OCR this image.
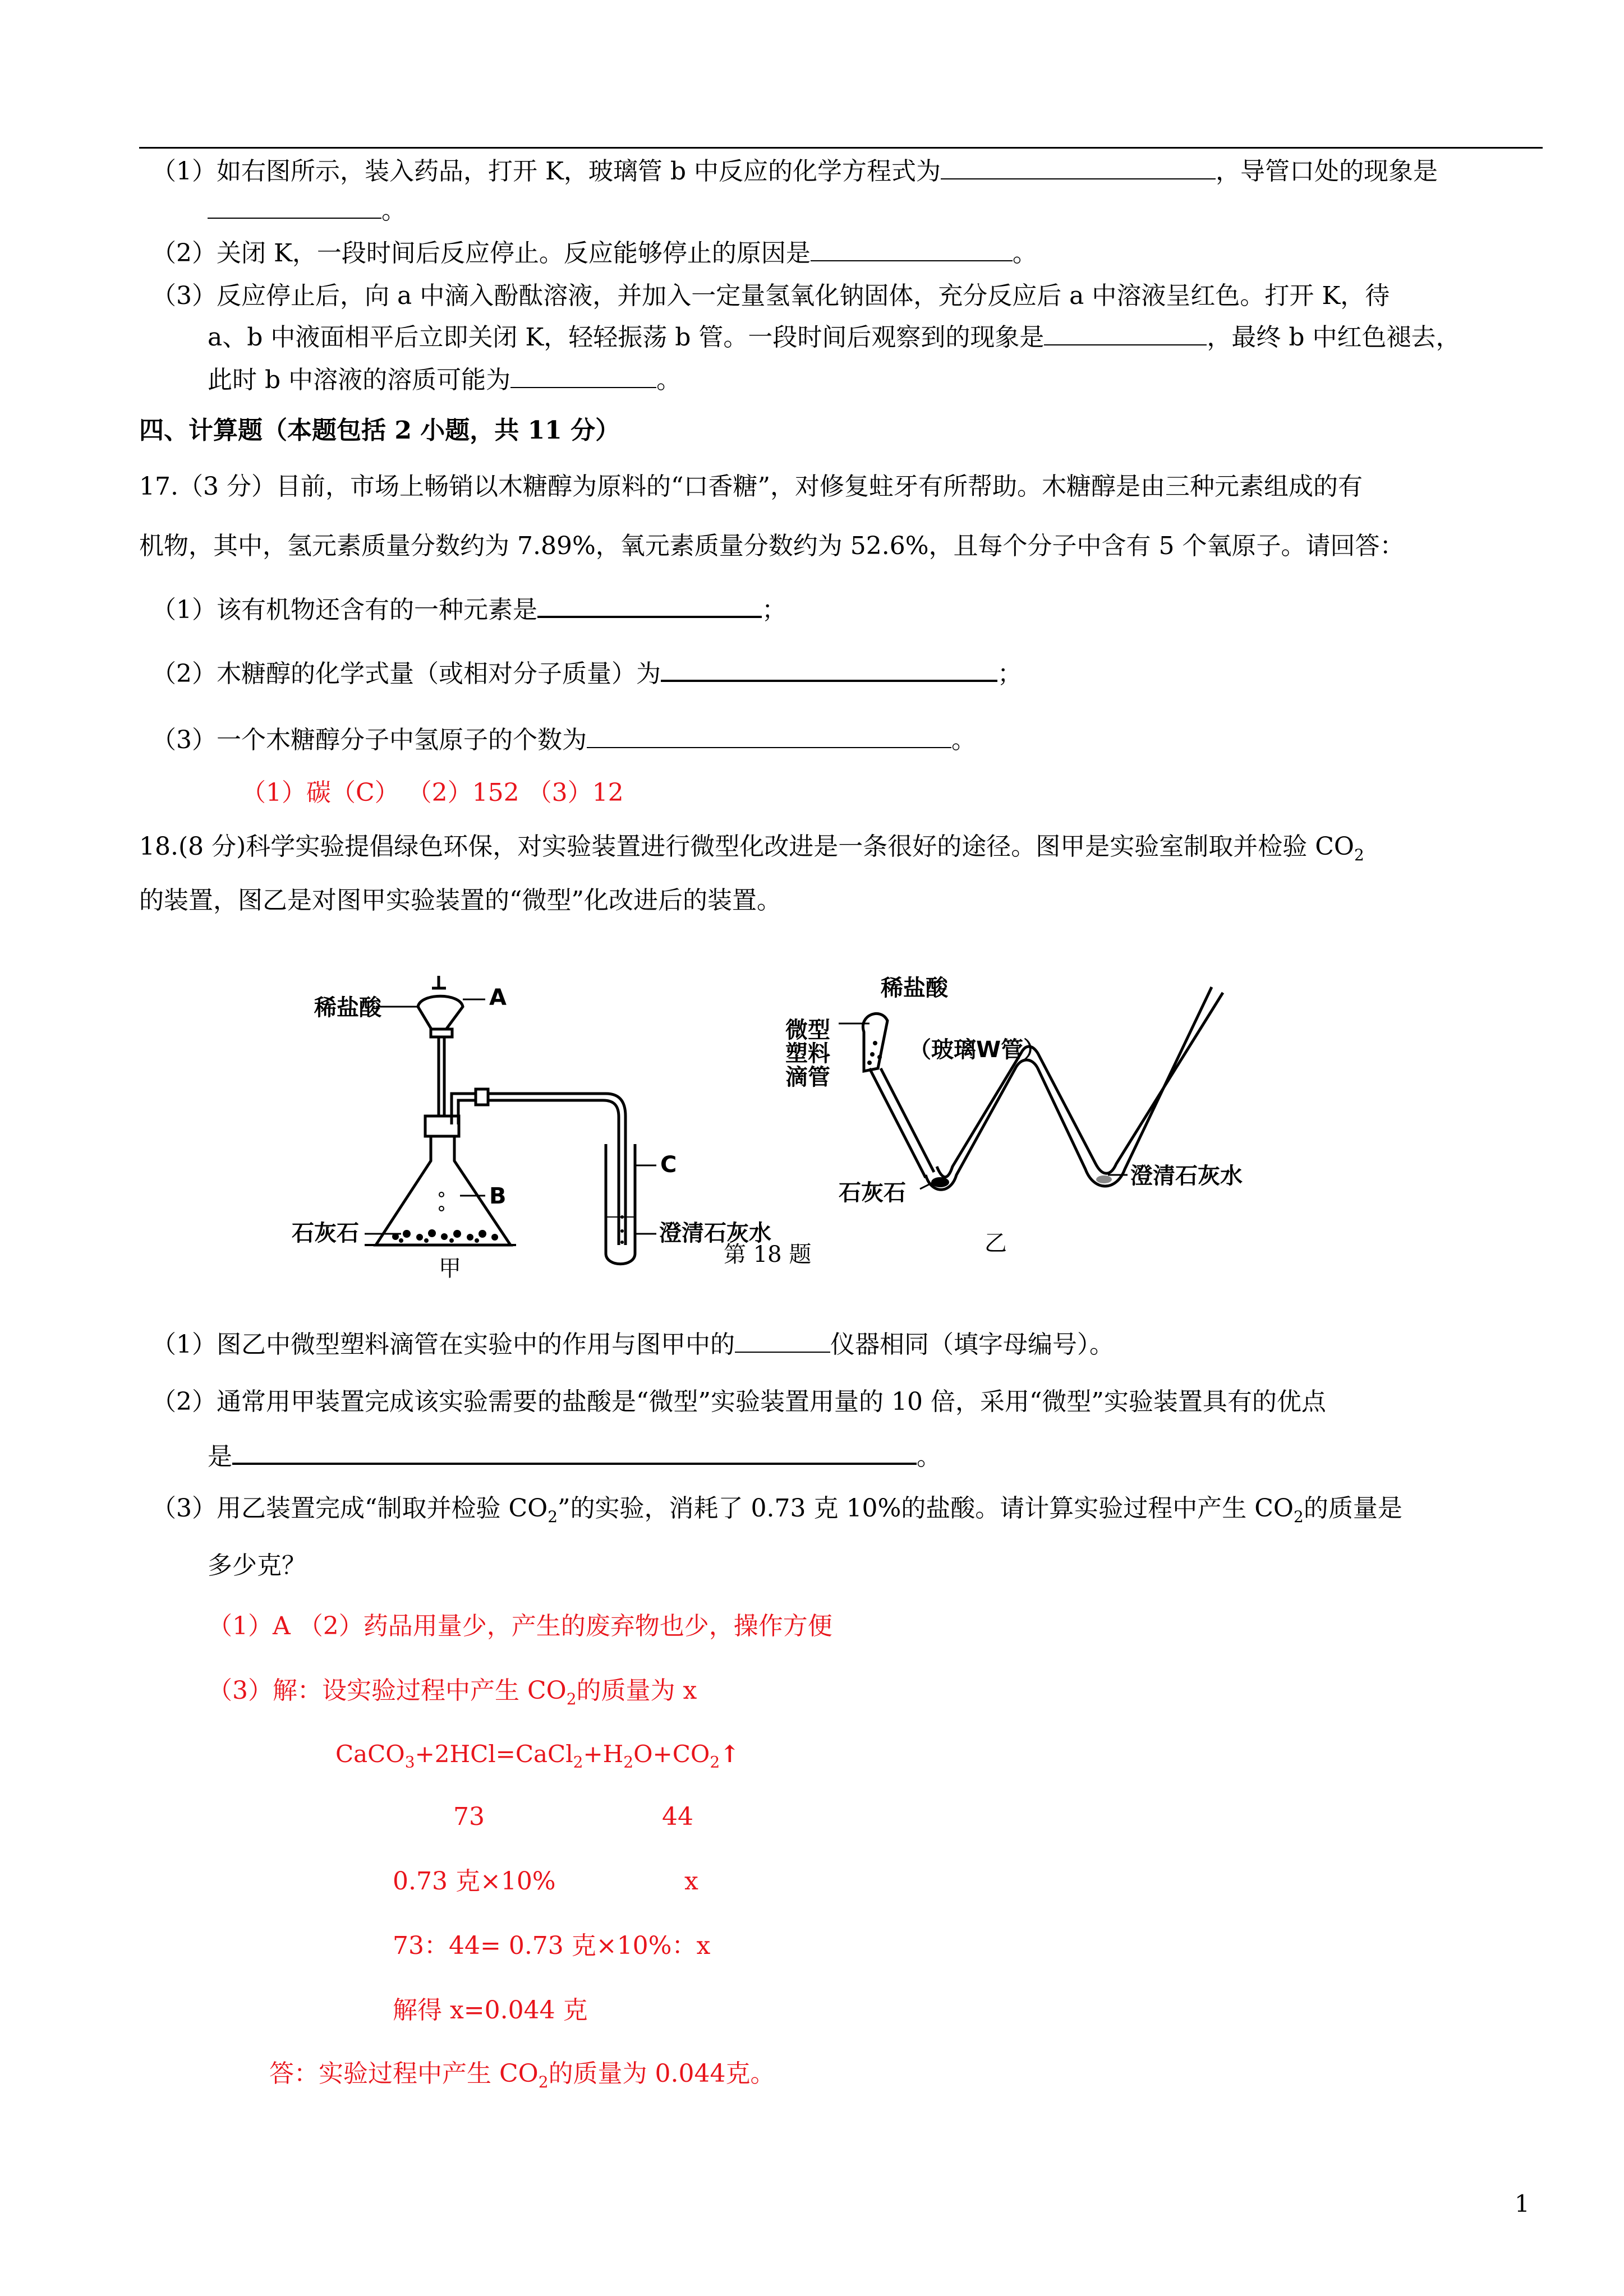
（1）如右图所示，装入药品，打开 K，玻璃管 b 中反应的化学方程式为	，导管口处的现象是
。
（2）关闭 K，一段时间后反应停止。反应能够停止的原因是	。
（3）反应停止后，向 a 中滴入酚酞溶液，并加入一定量氢氧化钠固体，充分反应后 a 中溶液呈红色。打开 K，待
a、b 中液面相平后立即关闭 K，轻轻振荡 b 管。一段时间后观察到的现象是	，最终 b 中红色褪去，
此时 b 中溶液的溶质可能为	。
四、计算题（本题包括 2 小题，共 11 分）
17.（3 分）目前，市场上畅销以木糖醇为原料的“口香糖”，对修复蛀牙有所帮助。木糖醇是由三种元素组成的有
机物，其中，氢元素质量分数约为 7.89%，氧元素质量分数约为 52.6%，且每个分子中含有 5 个氧原子。请回答：
（1）该有机物还含有的一种元素是	；
（2）木糖醇的化学式量（或相对分子质量）为	；
（3）一个木糖醇分子中氢原子的个数为	。
（1）碳（C） （2）152 （3）12
18.(8 分)科学实验提倡绿色环保，对实验装置进行微型化改进是一条很好的途径。图甲是实验室制取并检验 $CO_2$
的装置，图乙是对图甲实验装置的“微型”化改进后的装置。
稀盐酸	A
B
C
石灰石	澄清石灰水
甲
稀盐酸
微型
塑料
滴管
（玻璃W管）
石灰石
澄清石灰水
乙
第 18 题
（1）图乙中微型塑料滴管在实验中的作用与图甲中的	仪器相同（填字母编号）。
（2）通常用甲装置完成该实验需要的盐酸是“微型”实验装置用量的 10 倍，采用“微型”实验装置具有的优点
是	。
（3）用乙装置完成“制取并检验 $CO_2$”的实验，消耗了 0.73 克 10%的盐酸。请计算实验过程中产生 $CO_2$的质量是
多少克？
（1）A （2）药品用量少，产生的废弃物也少，操作方便
（3）解：设实验过程中产生 $CO_2$的质量为 x
$CaCO_3+2HCl=CaCl_2+H_2O+CO_2↑$
73	44
0.73 克×10%	x
73：44= 0.73 克×10%：x
解得 x=0.044 克
答：实验过程中产生 $CO_2$的质量为 0.044克。
1
